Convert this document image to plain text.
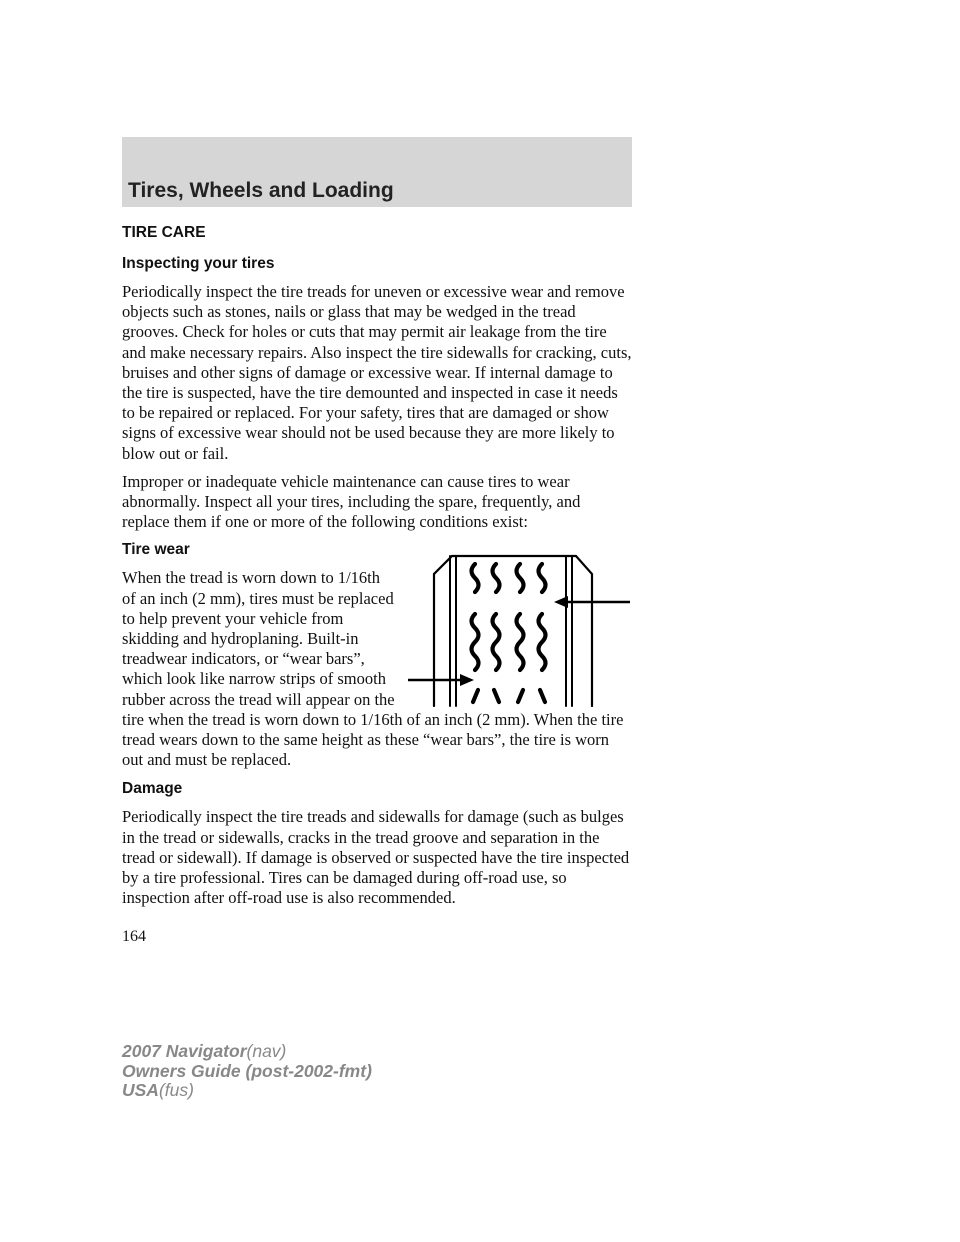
Tires, Wheels and Loading
TIRE CARE
Inspecting your tires

Periodically inspect the tire treads for uneven or excessive wear and remove objects such as stones, nails or glass that may be wedged in the tread grooves. Check for holes or cuts that may permit air leakage from the tire and make necessary repairs. Also inspect the tire sidewalls for cracking, cuts, bruises and other signs of damage or excessive wear. If internal damage to the tire is suspected, have the tire demounted and inspected in case it needs to be repaired or replaced. For your safety, tires that are damaged or show signs of excessive wear should not be used because they are more likely to blow out or fail.

Improper or inadequate vehicle maintenance can cause tires to wear abnormally. Inspect all your tires, including the spare, frequently, and replace them if one or more of the following conditions exist:

Tire wear

When the tread is worn down to 1/16th of an inch (2 mm), tires must be replaced to help prevent your vehicle from skidding and hydroplaning. Built-in treadwear indicators, or “wear bars”, which look like narrow strips of smooth rubber across the tread will appear on the tire when the tread is worn down to 1/16th of an inch (2 mm). When the tire tread wears down to the same height as these “wear bars”, the tire is worn out and must be replaced.

Damage

Periodically inspect the tire treads and sidewalls for damage (such as bulges in the tread or sidewalls, cracks in the tread groove and separation in the tread or sidewall). If damage is observed or suspected have the tire inspected by a tire professional. Tires can be damaged during off-road use, so inspection after off-road use is also recommended.

164

2007 Navigator(nav)
Owners Guide (post-2002-fmt)
USA(fus)
